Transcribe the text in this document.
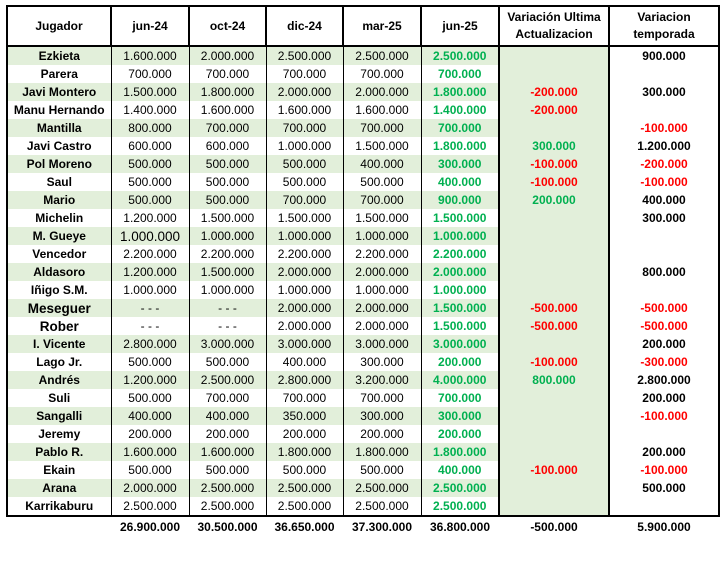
Jugador	jun-24	oct-24	dic-24	mar-25	jun-25	Variación Ultima Actualizacion	Variacion temporada
Ezkieta	1.600.000	2.000.000	2.500.000	2.500.000	2.500.000		900.000
Parera	700.000	700.000	700.000	700.000	700.000		
Javi Montero	1.500.000	1.800.000	2.000.000	2.000.000	1.800.000	-200.000	300.000
Manu Hernando	1.400.000	1.600.000	1.600.000	1.600.000	1.400.000	-200.000	
Mantilla	800.000	700.000	700.000	700.000	700.000		-100.000
Javi Castro	600.000	600.000	1.000.000	1.500.000	1.800.000	300.000	1.200.000
Pol Moreno	500.000	500.000	500.000	400.000	300.000	-100.000	-200.000
Saul	500.000	500.000	500.000	500.000	400.000	-100.000	-100.000
Mario	500.000	500.000	700.000	700.000	900.000	200.000	400.000
Michelin	1.200.000	1.500.000	1.500.000	1.500.000	1.500.000		300.000
M. Gueye	1.000.000	1.000.000	1.000.000	1.000.000	1.000.000		
Vencedor	2.200.000	2.200.000	2.200.000	2.200.000	2.200.000		
Aldasoro	1.200.000	1.500.000	2.000.000	2.000.000	2.000.000		800.000
Iñigo S.M.	1.000.000	1.000.000	1.000.000	1.000.000	1.000.000		
Meseguer	- - -	- - -	2.000.000	2.000.000	1.500.000	-500.000	-500.000
Rober	- - -	- - -	2.000.000	2.000.000	1.500.000	-500.000	-500.000
I. Vicente	2.800.000	3.000.000	3.000.000	3.000.000	3.000.000		200.000
Lago Jr.	500.000	500.000	400.000	300.000	200.000	-100.000	-300.000
Andrés	1.200.000	2.500.000	2.800.000	3.200.000	4.000.000	800.000	2.800.000
Suli	500.000	700.000	700.000	700.000	700.000		200.000
Sangalli	400.000	400.000	350.000	300.000	300.000		-100.000
Jeremy	200.000	200.000	200.000	200.000	200.000		
Pablo R.	1.600.000	1.600.000	1.800.000	1.800.000	1.800.000		200.000
Ekain	500.000	500.000	500.000	500.000	400.000	-100.000	-100.000
Arana	2.000.000	2.500.000	2.500.000	2.500.000	2.500.000		500.000
Karrikaburu	2.500.000	2.500.000	2.500.000	2.500.000	2.500.000		
	26.900.000	30.500.000	36.650.000	37.300.000	36.800.000	-500.000	5.900.000
